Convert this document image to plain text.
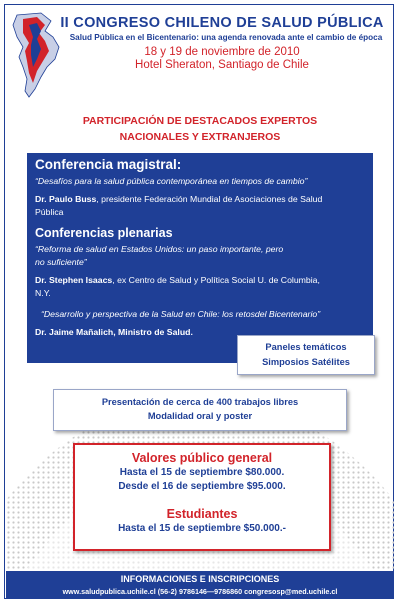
II CONGRESO CHILENO DE SALUD PÚBLICA
Salud Pública en el Bicentenario: una agenda renovada ante el cambio de época
18 y 19 de noviembre de 2010
Hotel Sheraton, Santiago de Chile
PARTICIPACIÓN DE DESTACADOS EXPERTOS
NACIONALES Y EXTRANJEROS
Conferencia magistral:
“Desafíos para la salud pública contemporánea en tiempos de cambio”
Dr. Paulo Buss, presidente Federación Mundial de Asociaciones de Salud
Pública
Conferencias plenarias
“Reforma de salud en Estados Unidos: un paso importante, pero
no suficiente”
Dr. Stephen Isaacs, ex Centro de Salud y Política Social U. de Columbia,
N.Y.
“Desarrollo y perspectiva de la Salud en Chile: los retosdel Bicentenario”
Dr. Jaime Mañalich, Ministro de Salud.
Paneles temáticos
Simposios Satélites
Presentación de cerca de 400 trabajos libres
Modalidad oral y poster
Valores público general
Hasta el 15 de septiembre $80.000.
Desde el 16 de septiembre $95.000.
Estudiantes
Hasta el 15 de septiembre $50.000.-
INFORMACIONES E INSCRIPCIONES
www.saludpublica.uchile.cl (56-2) 9786146—9786860 congresosp@med.uchile.cl
